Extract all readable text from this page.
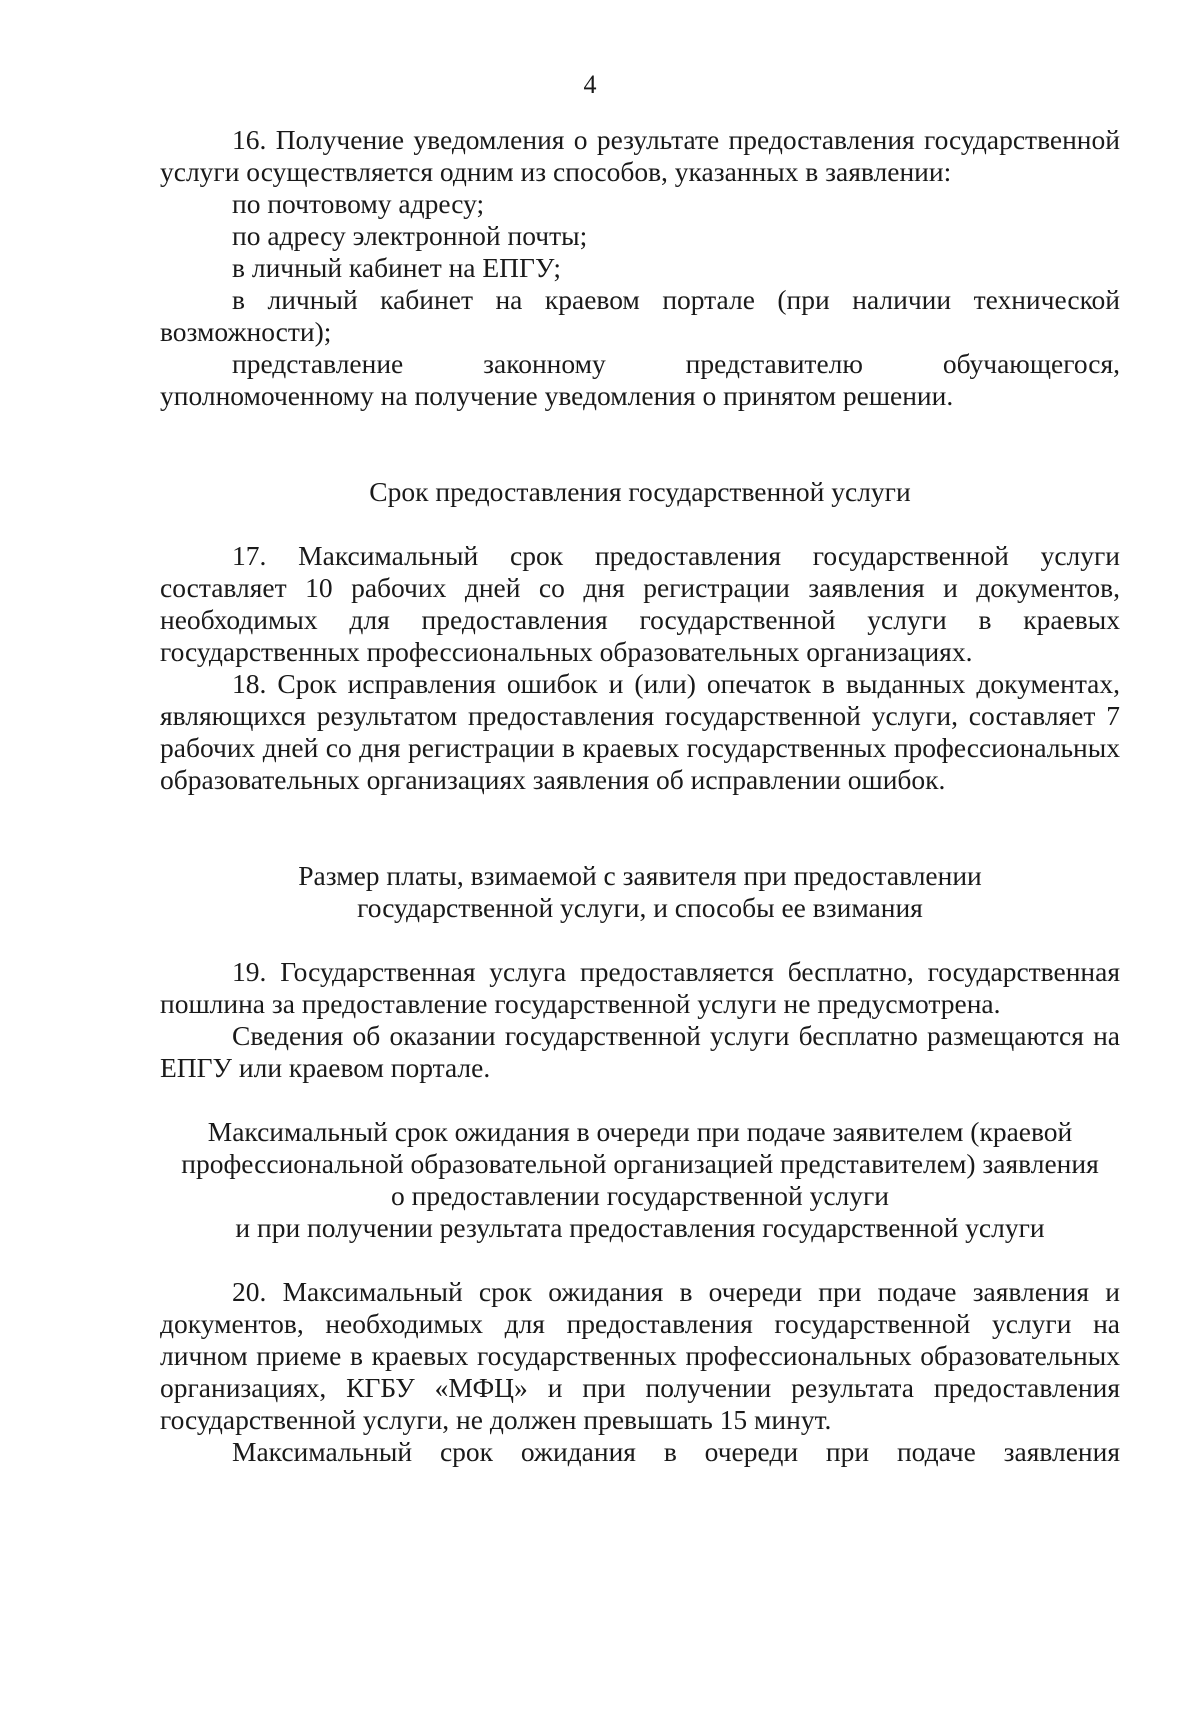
4

16. Получение уведомления о результате предоставления государственной услуги осуществляется одним из способов, указанных в заявлении:

по почтовому адресу;

по адресу электронной почты;

в личный кабинет на ЕПГУ;

в личный кабинет на краевом портале (при наличии технической возможности);

представление законному представителю обучающегося, уполномоченному на получение уведомления о принятом решении.

Срок предоставления государственной услуги

17. Максимальный срок предоставления государственной услуги составляет 10 рабочих дней со дня регистрации заявления и документов, необходимых для предоставления государственной услуги в краевых государственных профессиональных образовательных организациях.

18. Срок исправления ошибок и (или) опечаток в выданных документах, являющихся результатом предоставления государственной услуги, составляет 7 рабочих дней со дня регистрации в краевых государственных профессиональных образовательных организациях заявления об исправлении ошибок.

Размер платы, взимаемой с заявителя при предоставлении
государственной услуги, и способы ее взимания

19. Государственная услуга предоставляется бесплатно, государственная пошлина за предоставление государственной услуги не предусмотрена.

Сведения об оказании государственной услуги бесплатно размещаются на ЕПГУ или краевом портале.

Максимальный срок ожидания в очереди при подаче заявителем (краевой
профессиональной образовательной организацией представителем) заявления
о предоставлении государственной услуги
и при получении результата предоставления государственной услуги

20. Максимальный срок ожидания в очереди при подаче заявления и документов, необходимых для предоставления государственной услуги на личном приеме в краевых государственных профессиональных образовательных организациях, КГБУ «МФЦ» и при получении результата предоставления государственной услуги, не должен превышать 15 минут.

Максимальный срок ожидания в очереди при подаче заявления
